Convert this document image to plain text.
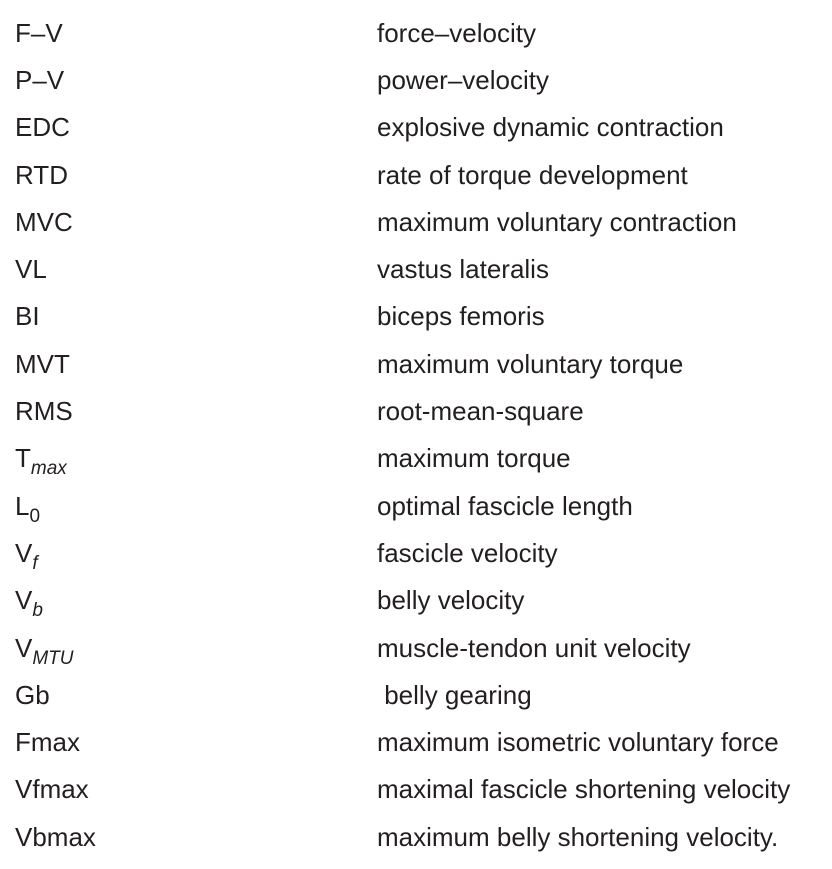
F–V	force–velocity
P–V	power–velocity
EDC	explosive dynamic contraction
RTD	rate of torque development
MVC	maximum voluntary contraction
VL	vastus lateralis
BI	biceps femoris
MVT	maximum voluntary torque
RMS	root-mean-square
$T_{max}$	maximum torque
$L_0$	optimal fascicle length
$V_f$	fascicle velocity
$V_b$	belly velocity
$V_{MTU}$	muscle-tendon unit velocity
Gb	belly gearing
Fmax	maximum isometric voluntary force
Vfmax	maximal fascicle shortening velocity
Vbmax	maximum belly shortening velocity.
